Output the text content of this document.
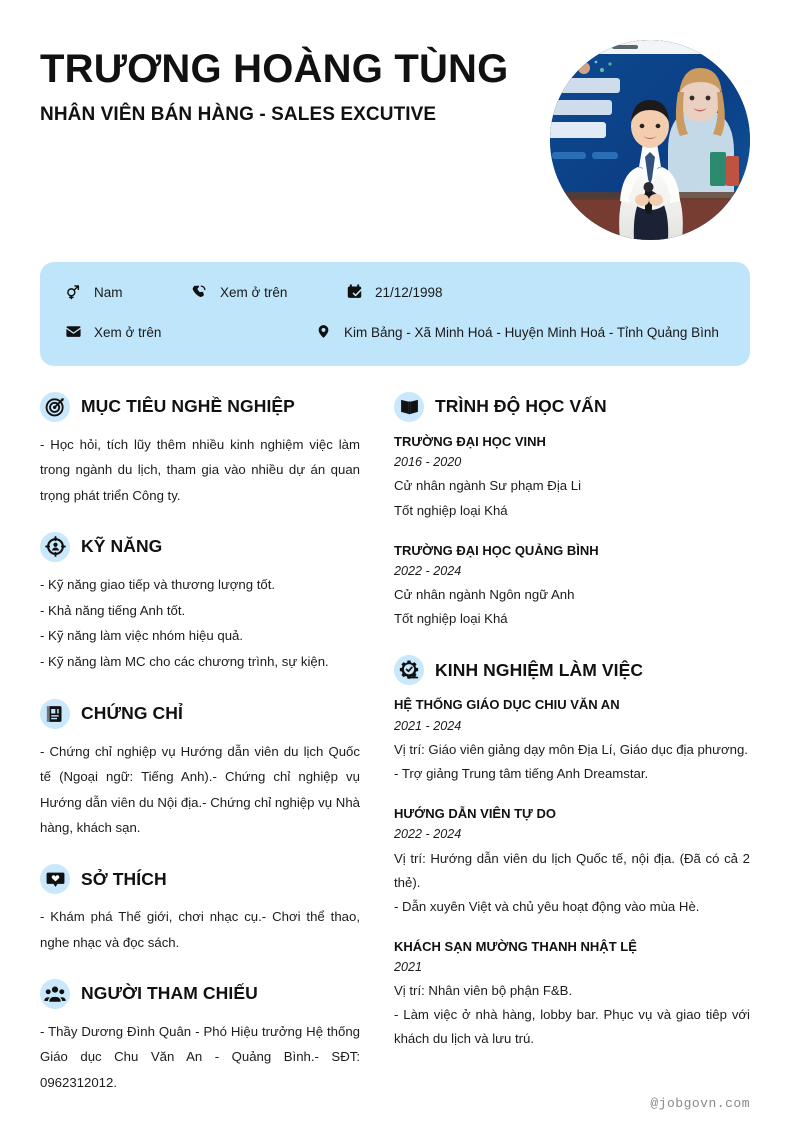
TRƯƠNG HOÀNG TÙNG
NHÂN VIÊN BÁN HÀNG - SALES EXCUTIVE
Nam	Xem ở trên	21/12/1998
Xem ở trên	Kim Bảng - Xã Minh Hoá - Huyện Minh Hoá - Tỉnh Quảng Bình
MỤC TIÊU NGHỀ NGHIỆP

- Học hỏi, tích lũy thêm nhiều kinh nghiệm việc làm trong ngành du lịch, tham gia vào nhiều dự án quan trọng phát triển Công ty.

KỸ NĂNG
- Kỹ năng giao tiếp và thương lượng tốt.
- Khả năng tiếng Anh tốt.
- Kỹ năng làm việc nhóm hiệu quả.
- Kỹ năng làm MC cho các chương trình, sự kiện.
CHỨNG CHỈ

- Chứng chỉ nghiệp vụ Hướng dẫn viên du lịch Quốc tế (Ngoại ngữ: Tiếng Anh).- Chứng chỉ nghiệp vụ Hướng dẫn viên du Nội địa.- Chứng chỉ nghiệp vụ Nhà hàng, khách sạn.

SỞ THÍCH

- Khám phá Thế giới, chơi nhạc cụ.- Chơi thể thao, nghe nhạc và đọc sách.

NGƯỜI THAM CHIẾU

- Thầy Dương Đình Quân - Phó Hiệu trưởng Hệ thống Giáo dục Chu Văn An - Quảng Bình.- SĐT: 0962312012.

TRÌNH ĐỘ HỌC VẤN
TRƯỜNG ĐẠI HỌC VINH
2016 - 2020
Cử nhân ngành Sư phạm Địa Li
Tốt nghiệp loại Khá
TRƯỜNG ĐẠI HỌC QUẢNG BÌNH
2022 - 2024
Cử nhân ngành Ngôn ngữ Anh
Tốt nghiệp loại Khá
KINH NGHIỆM LÀM VIỆC
HỆ THỐNG GIÁO DỤC CHIU VĂN AN
2021 - 2024
Vị trí: Giáo viên giảng dạy môn Địa Lí, Giáo dục địa phương.
- Trợ giảng Trung tâm tiếng Anh Dreamstar.
HƯỚNG DẪN VIÊN TỰ DO
2022 - 2024
Vị trí: Hướng dẫn viên du lịch Quốc tế, nội địa. (Đã có cả 2 thẻ).
- Dẫn xuyên Việt và chủ yêu hoạt động vào mùa Hè.
KHÁCH SẠN MƯỜNG THANH NHẬT LỆ
2021
Vị trí: Nhân viên bộ phận F&B.
- Làm việc ở nhà hàng, lobby bar. Phục vụ và giao tiêp với khách du lịch và lưu trú.
@jobgovn.com
